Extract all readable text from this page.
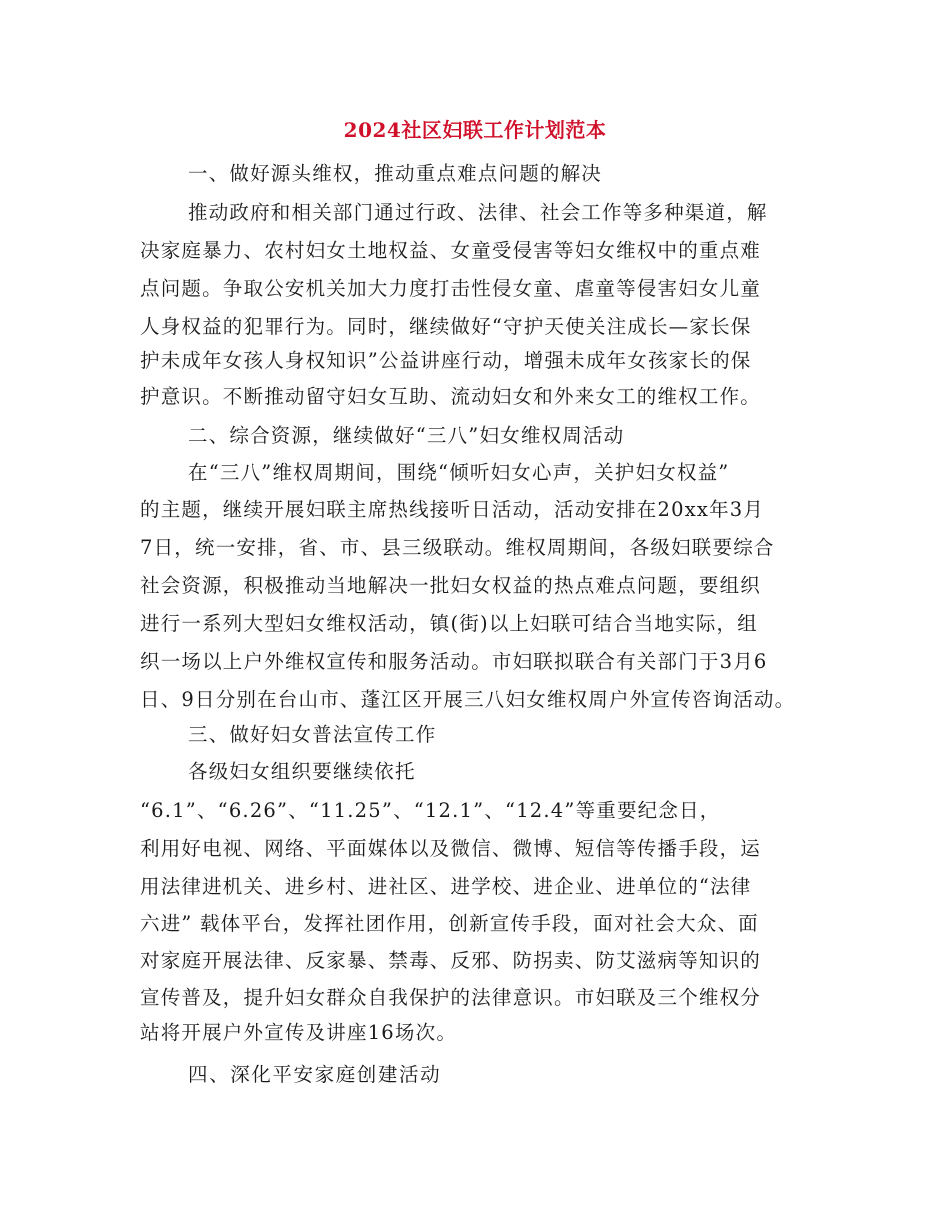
2024社区妇联工作计划范本
一、做好源头维权，推动重点难点问题的解决
推动政府和相关部门通过行政、法律、社会工作等多种渠道，解
决家庭暴力、农村妇女土地权益、女童受侵害等妇女维权中的重点难
点问题。争取公安机关加大力度打击性侵女童、虐童等侵害妇女儿童
人身权益的犯罪行为。同时，继续做好“守护天使关注成长—家长保
护未成年女孩人身权知识”公益讲座行动，增强未成年女孩家长的保
护意识。不断推动留守妇女互助、流动妇女和外来女工的维权工作。
二、综合资源，继续做好“三八”妇女维权周活动
在“三八”维权周期间，围绕“倾听妇女心声，关护妇女权益”
的主题，继续开展妇联主席热线接听日活动，活动安排在20xx年3月
7日，统一安排，省、市、县三级联动。维权周期间，各级妇联要综合
社会资源，积极推动当地解决一批妇女权益的热点难点问题，要组织
进行一系列大型妇女维权活动，镇(街)以上妇联可结合当地实际，组
织一场以上户外维权宣传和服务活动。市妇联拟联合有关部门于3月6
日、9日分别在台山市、蓬江区开展三八妇女维权周户外宣传咨询活动。
三、做好妇女普法宣传工作
各级妇女组织要继续依托
“6.1”、“6.26”、“11.25”、“12.1”、“12.4”等重要纪念日，
利用好电视、网络、平面媒体以及微信、微博、短信等传播手段，运
用法律进机关、进乡村、进社区、进学校、进企业、进单位的“法律
六进” 载体平台，发挥社团作用，创新宣传手段，面对社会大众、面
对家庭开展法律、反家暴、禁毒、反邪、防拐卖、防艾滋病等知识的
宣传普及，提升妇女群众自我保护的法律意识。市妇联及三个维权分
站将开展户外宣传及讲座16场次。
四、深化平安家庭创建活动
